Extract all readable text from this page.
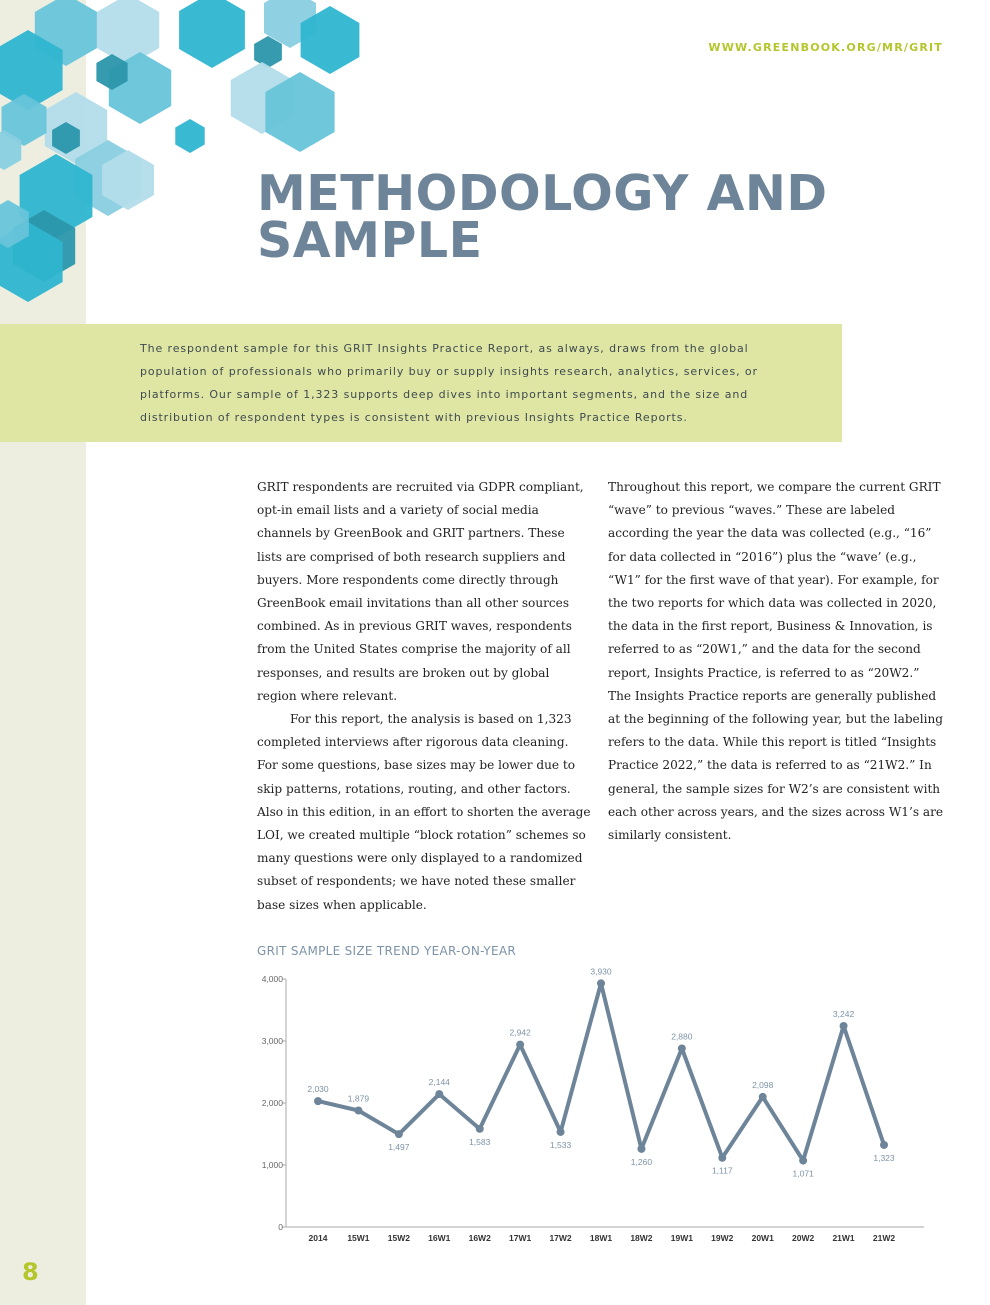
WWW.GREENBOOK.ORG/MR/GRIT
METHODOLOGY AND SAMPLE

The respondent sample for this GRIT Insights Practice Report, as always, draws from the global population of professionals who primarily buy or supply insights research, analytics, services, or platforms. Our sample of 1,323 supports deep dives into important segments, and the size and distribution of respondent types is consistent with previous Insights Practice Reports.

GRIT respondents are recruited via GDPR compliant, opt-in email lists and a variety of social media channels by GreenBook and GRIT partners. These lists are comprised of both research suppliers and buyers. More respondents come directly through GreenBook email invitations than all other sources combined. As in previous GRIT waves, respondents from the United States comprise the majority of all responses, and results are broken out by global region where relevant.

For this report, the analysis is based on 1,323 completed interviews after rigorous data cleaning. For some questions, base sizes may be lower due to skip patterns, rotations, routing, and other factors. Also in this edition, in an effort to shorten the average LOI, we created multiple “block rotation” schemes so many questions were only displayed to a randomized subset of respondents; we have noted these smaller base sizes when applicable.

Throughout this report, we compare the current GRIT “wave” to previous “waves.” These are labeled according the year the data was collected (e.g., “16” for data collected in “2016”) plus the “wave’ (e.g., “W1” for the first wave of that year). For example, for the two reports for which data was collected in 2020, the data in the first report, Business & Innovation, is referred to as “20W1,” and the data for the second report, Insights Practice, is referred to as “20W2.” The Insights Practice reports are generally published at the beginning of the following year, but the labeling refers to the data. While this report is titled “Insights Practice 2022,” the data is referred to as “21W2.” In general, the sample sizes for W2’s are consistent with each other across years, and the sizes across W1’s are similarly consistent.

GRIT SAMPLE SIZE TREND YEAR-ON-YEAR
0
1,000
2,000
3,000
4,000
2014 15W1 15W2 16W1 16W2 17W1 17W2 18W1 18W2 19W1 19W2 20W1 20W2 21W1 21W2
2,030
1,879
1,497
2,144
1,583
2,942
1,533
3,930
1,260
2,880
1,117
2,098
1,071
3,242
1,323
8
